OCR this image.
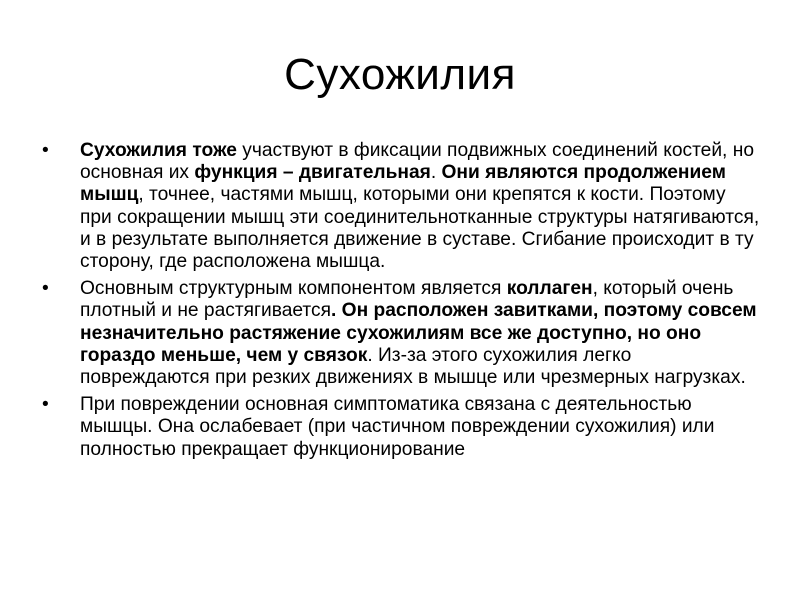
Сухожилия
•	Сухожилия тоже участвуют в фиксации подвижных соединений костей, но основная их функция – двигательная. Они являются продолжением мышц, точнее, частями мышц, которыми они крепятся к кости. Поэтому при сокращении мышц эти соединительнотканные структуры натягиваются, и в результате выполняется движение в суставе. Сгибание происходит в ту сторону, где расположена мышца.
•	Основным структурным компонентом является коллаген, который очень плотный и не растягивается. Он расположен завитками, поэтому совсем незначительно растяжение сухожилиям все же доступно, но оно гораздо меньше, чем у связок. Из-за этого сухожилия легко повреждаются при резких движениях в мышце или чрезмерных нагрузках.
•	При повреждении основная симптоматика связана с деятельностью мышцы. Она ослабевает (при частичном повреждении сухожилия) или полностью прекращает функционирование
